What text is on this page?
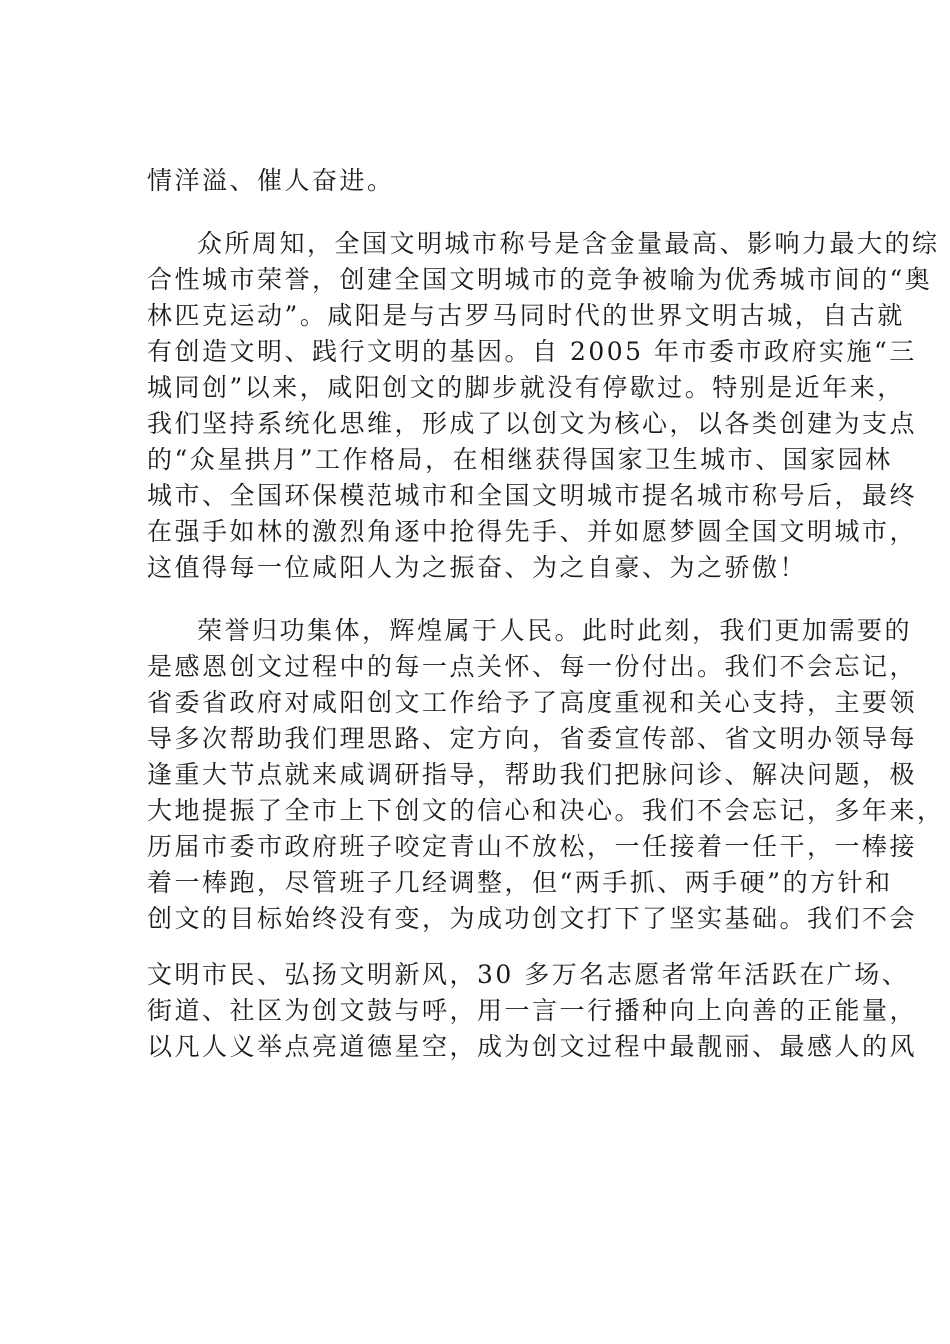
情洋溢、催人奋进。
众所周知，全国文明城市称号是含金量最高、影响力最大的综
合性城市荣誉，创建全国文明城市的竞争被喻为优秀城市间的“奥
林匹克运动”。咸阳是与古罗马同时代的世界文明古城，自古就
有创造文明、践行文明的基因。自 2005 年市委市政府实施“三
城同创”以来，咸阳创文的脚步就没有停歇过。特别是近年来，
我们坚持系统化思维，形成了以创文为核心，以各类创建为支点
的“众星拱月”工作格局，在相继获得国家卫生城市、国家园林
城市、全国环保模范城市和全国文明城市提名城市称号后，最终
在强手如林的激烈角逐中抢得先手、并如愿梦圆全国文明城市，
这值得每一位咸阳人为之振奋、为之自豪、为之骄傲！
荣誉归功集体，辉煌属于人民。此时此刻，我们更加需要的
是感恩创文过程中的每一点关怀、每一份付出。我们不会忘记，
省委省政府对咸阳创文工作给予了高度重视和关心支持，主要领
导多次帮助我们理思路、定方向，省委宣传部、省文明办领导每
逢重大节点就来咸调研指导，帮助我们把脉问诊、解决问题，极
大地提振了全市上下创文的信心和决心。我们不会忘记，多年来，
历届市委市政府班子咬定青山不放松，一任接着一任干，一棒接
着一棒跑，尽管班子几经调整，但“两手抓、两手硬”的方针和
创文的目标始终没有变，为成功创文打下了坚实基础。我们不会
文明市民、弘扬文明新风，30 多万名志愿者常年活跃在广场、
街道、社区为创文鼓与呼，用一言一行播种向上向善的正能量，
以凡人义举点亮道德星空，成为创文过程中最靓丽、最感人的风
